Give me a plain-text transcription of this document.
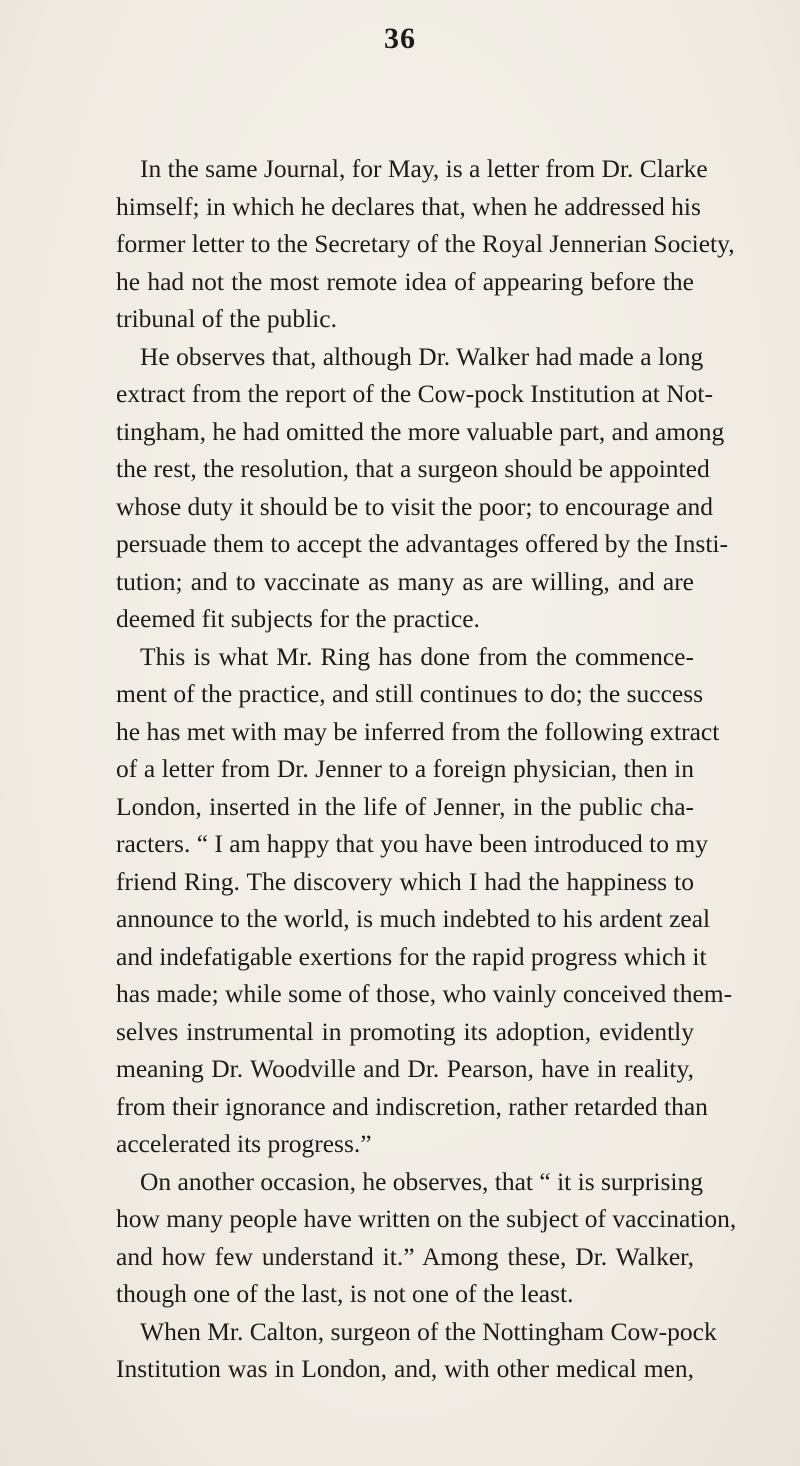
36
In the same Journal, for May, is a letter from Dr. Clarke
himself; in which he declares that, when he addressed his
former letter to the Secretary of the Royal Jennerian Society,
he had not the most remote idea of appearing before the
tribunal of the public.
He observes that, although Dr. Walker had made a long
extract from the report of the Cow-pock Institution at Not-
tingham, he had omitted the more valuable part, and among
the rest, the resolution, that a surgeon should be appointed
whose duty it should be to visit the poor; to encourage and
persuade them to accept the advantages offered by the Insti-
tution; and to vaccinate as many as are willing, and are
deemed fit subjects for the practice.
This is what Mr. Ring has done from the commence-
ment of the practice, and still continues to do; the success
he has met with may be inferred from the following extract
of a letter from Dr. Jenner to a foreign physician, then in
London, inserted in the life of Jenner, in the public cha-
racters. “ I am happy that you have been introduced to my
friend Ring. The discovery which I had the happiness to
announce to the world, is much indebted to his ardent zeal
and indefatigable exertions for the rapid progress which it
has made; while some of those, who vainly conceived them-
selves instrumental in promoting its adoption, evidently
meaning Dr. Woodville and Dr. Pearson, have in reality,
from their ignorance and indiscretion, rather retarded than
accelerated its progress.”
On another occasion, he observes, that “ it is surprising
how many people have written on the subject of vaccination,
and how few understand it.” Among these, Dr. Walker,
though one of the last, is not one of the least.
When Mr. Calton, surgeon of the Nottingham Cow-pock
Institution was in London, and, with other medical men,
